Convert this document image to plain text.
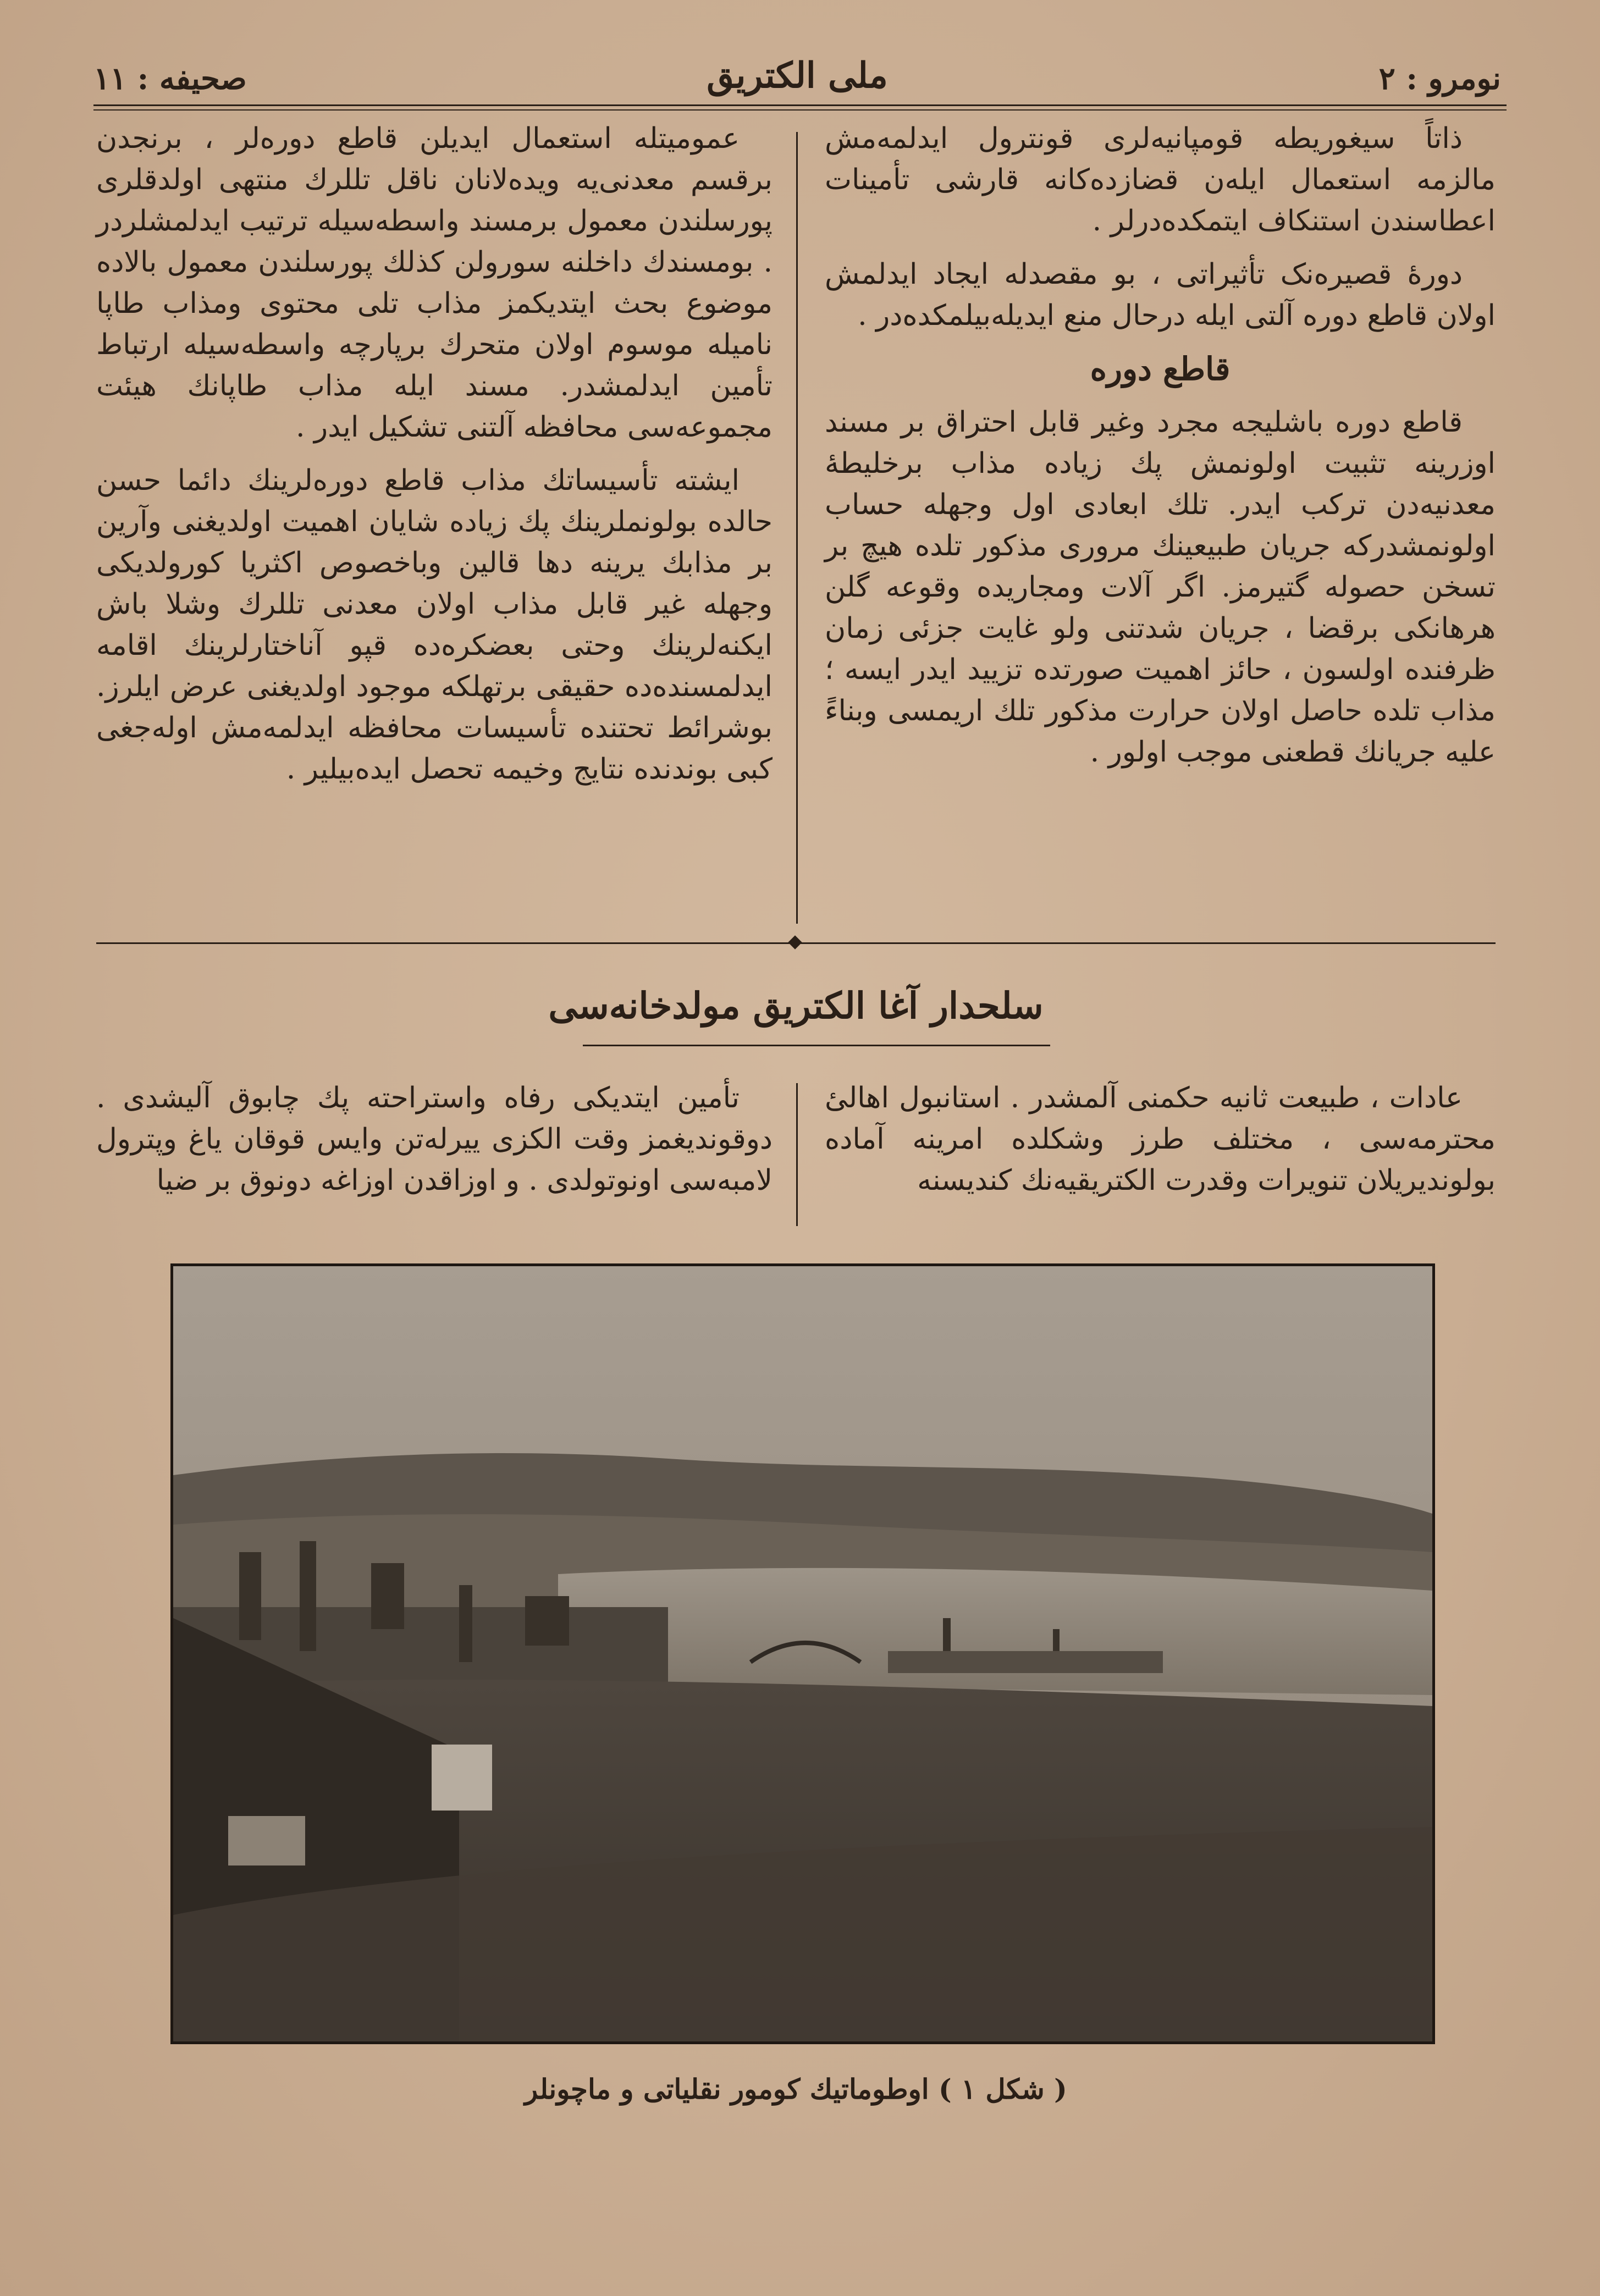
نومرو : ٢
ملی الکتریق
صحیفه : ١١

ذاتاً سیغوریطه قومپانیه‌لری قونترول ایدلمه‌مش مالزمه استعمال ایله‌ن قضازده‌کانه قارشی تأمینات اعطاسندن استنکاف ایتمکده‌درلر .

دوره‌ٔ قصیره‌نک تأثیراتی ، بو مقصدله ایجاد ایدلمش اولان قاطع دوره آلتی ایله درحال منع ایدیله‌بیلمکده‌در .

قاطع دوره

قاطع دوره باشلیجه مجرد وغیر قابل احتراق بر مسند اوزرینه تثبیت اولونمش پك زیاده مذاب برخلیطهٔ معدنیه‌دن ترکب ایدر. تلك ابعادی اول وجهله حساب اولونمشدرکه جریان طبیعینك مروری مذکور تلده هیچ بر تسخن حصوله گتیرمز. اگر آلات ومجاریده وقوعه گلن هرهانکی برقضا ، جریان شدتنی ولو غایت جزئی زمان ظرفنده اولسون ، حائز اهمیت صورتده تزیید ایدر ایسه ؛ مذاب تلده حاصل اولان حرارت مذکور تلك اریمسی وبناءً علیه جریانك قطعنی موجب اولور .

عمومیتله استعمال ایدیلن قاطع دوره‌لر ، برنجدن برقسم معدنی‌یه ویده‌لانان ناقل تللرك منتهی اولدقلری پورسلندن معمول برمسند واسطه‌سیله ترتیب ایدلمشلردر . بومسندك داخلنه سورولن کذلك پورسلندن معمول بالاده موضوع بحث ایتدیکمز مذاب تلی محتوی ومذاب طاپا نامیله موسوم اولان متحرك برپارچه واسطه‌سیله ارتباط تأمین ایدلمشدر. مسند ایله مذاب طاپانك هیئت مجموعه‌سی محافظه آلتنی تشکیل ایدر .

ایشته تأسیساتك مذاب قاطع دوره‌لرینك دائما حسن حالده بولونملرینك پك زیاده شایان اهمیت اولدیغنی وآرین بر مذابك یرینه دها قالین وباخصوص اکثریا کورولدیکی وجهله غیر قابل مذاب اولان معدنی تللرك وشلا باش ایکنه‌لرینك وحتی بعضکره‌ده قپو آناختارلرینك اقامه ایدلمسنده‌ده حقیقی برتهلکه موجود اولدیغنی عرض ایلرز. بوشرائط تحتنده تأسیسات محافظه ایدلمه‌مش اوله‌جغی کبی بوندنده نتایج وخیمه تحصل ایده‌بیلیر .

سلحدار آغا الکتریق مولدخانه‌سی

عادات ، طبیعت ثانیه حکمنی آلمشدر . استانبول اهالیٔ محترمه‌سی ، مختلف طرز وشکلده امرینه آماده بولوندیریلان تنویرات وقدرت الکتریقیه‌نك کندیسنه

تأمین ایتدیکی رفاه واستراحته پك چابوق آلیشدی . دوقوندیغمز وقت الکزی ییرله‌تن وایس قوقان یاغ وپترول لامبه‌سی اونوتولدی . و اوزاقدن اوزاغه دونوق بر ضیا

( شکل ١ ) اوطوماتیك کومور نقلیاتی و ماچونلر
